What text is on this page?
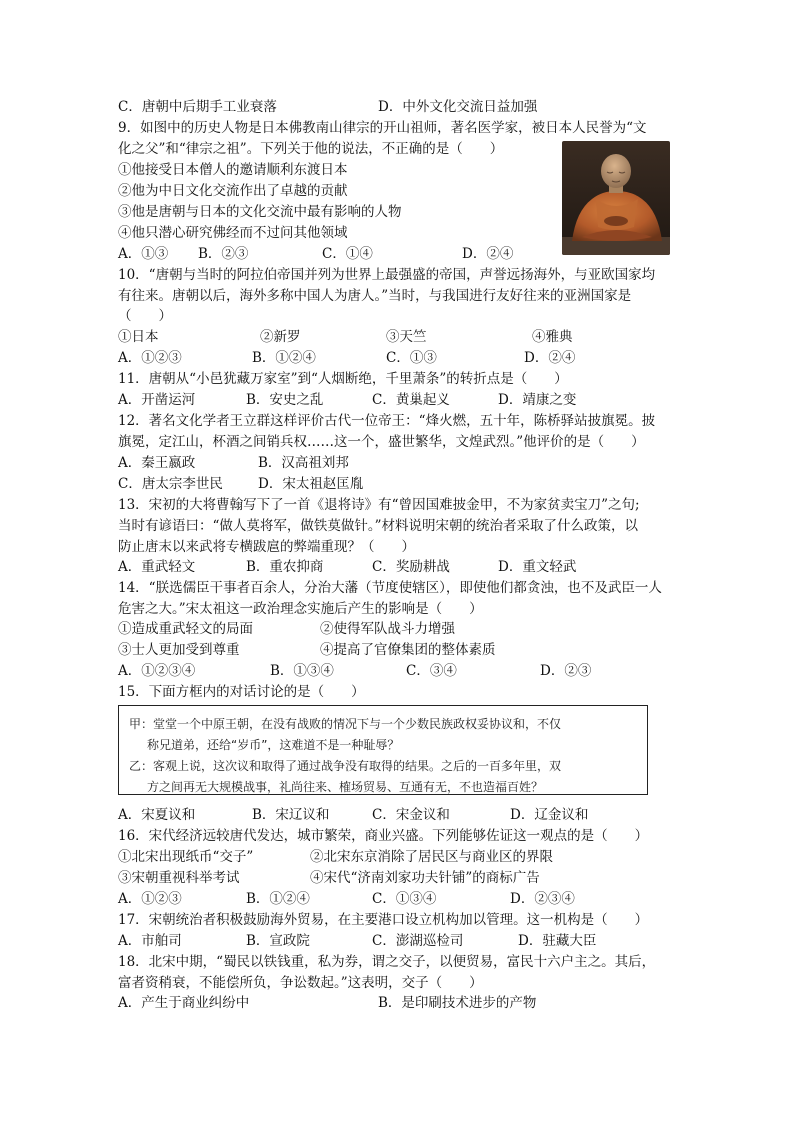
C．唐朝中后期手工业衰落	D．中外文化交流日益加强
9．如图中的历史人物是日本佛教南山律宗的开山祖师，著名医学家，被日本人民誉为“文
化之父”和“律宗之祖”。下列关于他的说法，不正确的是（　　）
①他接受日本僧人的邀请顺利东渡日本
②他为中日文化交流作出了卓越的贡献
③他是唐朝与日本的文化交流中最有影响的人物
④他只潜心研究佛经而不过问其他领域
A．①③ B．②③	C．①④	D．②④
10．“唐朝与当时的阿拉伯帝国并列为世界上最强盛的帝国，声誉远扬海外，与亚欧国家均
有往来。唐朝以后，海外多称中国人为唐人。”当时，与我国进行友好往来的亚洲国家是
（　　）
①日本	②新罗	③天竺	④雅典
A．①②③	B．①②④	C．①③	D．②④
11．唐朝从“小邑犹藏万家室”到“人烟断绝，千里萧条”的转折点是（　　）
A．开凿运河	B．安史之乱	C．黄巢起义	D．靖康之变
12．著名文化学者王立群这样评价古代一位帝王：“烽火燃，五十年，陈桥驿站披旗冕。披
旗冕，定江山，杯酒之间销兵权……这一个，盛世繁华，文煌武烈。”他评价的是（　　）
A．秦王嬴政	B．汉高祖刘邦
C．唐太宗李世民	D．宋太祖赵匡胤
13．宋初的大将曹翰写下了一首《退将诗》有“曾因国难披金甲，不为家贫卖宝刀”之句;
当时有谚语曰：“做人莫将军，做铁莫做针。”材料说明宋朝的统治者采取了什么政策，以
防止唐末以来武将专横跋扈的弊端重现？（　　）
A．重武轻文	B．重农抑商	C．奖励耕战	D．重文轻武
14．“朕选儒臣干事者百余人，分治大藩（节度使辖区），即使他们都贪浊，也不及武臣一人
危害之大。”宋太祖这一政治理念实施后产生的影响是（　　）
①造成重武轻文的局面	②使得军队战斗力增强
③士人更加受到尊重	④提高了官僚集团的整体素质
A．①②③④	B．①③④	C．③④	D．②③
15．下面方框内的对话讨论的是（　　）

甲：堂堂一个中原王朝，在没有战败的情况下与一个少数民族政权妥协议和，不仅

称兄道弟，还给“岁币”，这难道不是一种耻辱？

乙：客观上说，这次议和取得了通过战争没有取得的结果。之后的一百多年里，双

方之间再无大规模战事，礼尚往来、榷场贸易、互通有无，不也造福百姓？

A．宋夏议和	B．宋辽议和	C．宋金议和	D．辽金议和
16．宋代经济远较唐代发达，城市繁荣，商业兴盛。下列能够佐证这一观点的是（　　）
①北宋出现纸币“交子”	②北宋东京消除了居民区与商业区的界限
③宋朝重视科举考试	④宋代“济南刘家功夫针铺”的商标广告
A．①②③	B．①②④	C．①③④	D．②③④
17．宋朝统治者积极鼓励海外贸易，在主要港口设立机构加以管理。这一机构是（　　）
A．市舶司	B．宣政院	C．澎湖巡检司	D．驻藏大臣
18．北宋中期，“蜀民以铁钱重，私为券，谓之交子，以便贸易，富民十六户主之。其后，
富者资稍衰，不能偿所负，争讼数起。”这表明，交子（　　）
A．产生于商业纠纷中	B．是印刷技术进步的产物
